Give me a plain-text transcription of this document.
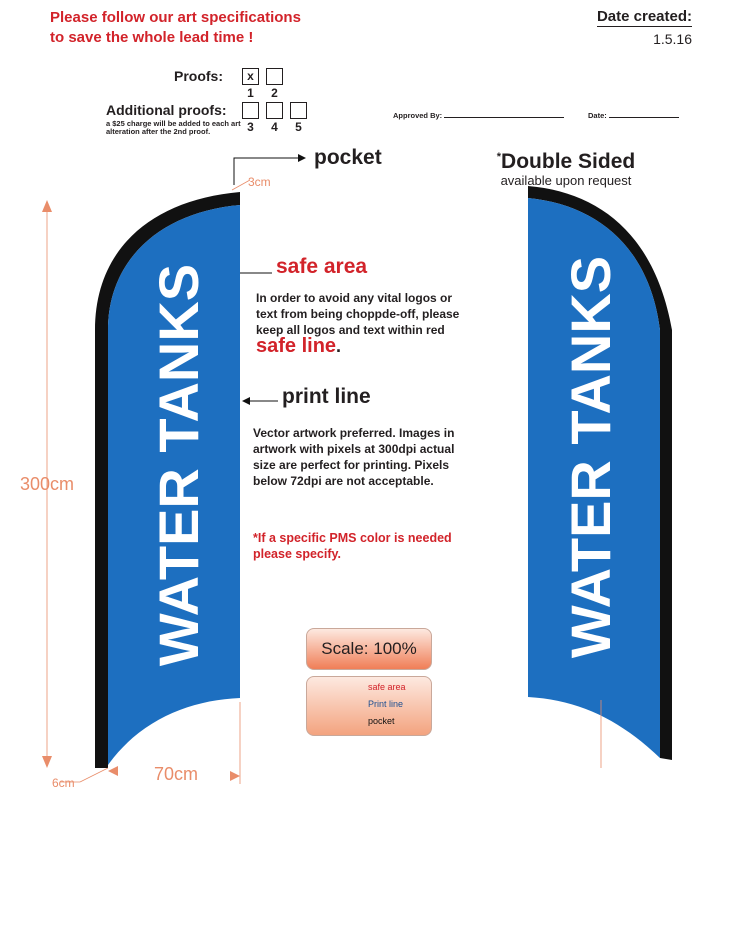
Please follow our art specifications
to save the whole lead time !
Date created:
1.5.16
Proofs:	x
1	2
Additional proofs:
a $25 charge will be added to each art alteration after the 2nd proof.	3	4	5
Approved By:	Date:
WATER TANKS	WATER TANKS
3cm
300cm
70cm
6cm
pocket	*Double Sided
available upon request
safe area
In order to avoid any vital logos or text from being choppde-off, please keep all logos and text within red safe line.
print line
Vector artwork preferred. Images in artwork with pixels at 300dpi actual size are perfect for printing. Pixels below 72dpi are not acceptable.
*If a specific PMS color is needed please specify.
Scale: 100%
safe area
Print line
pocket
